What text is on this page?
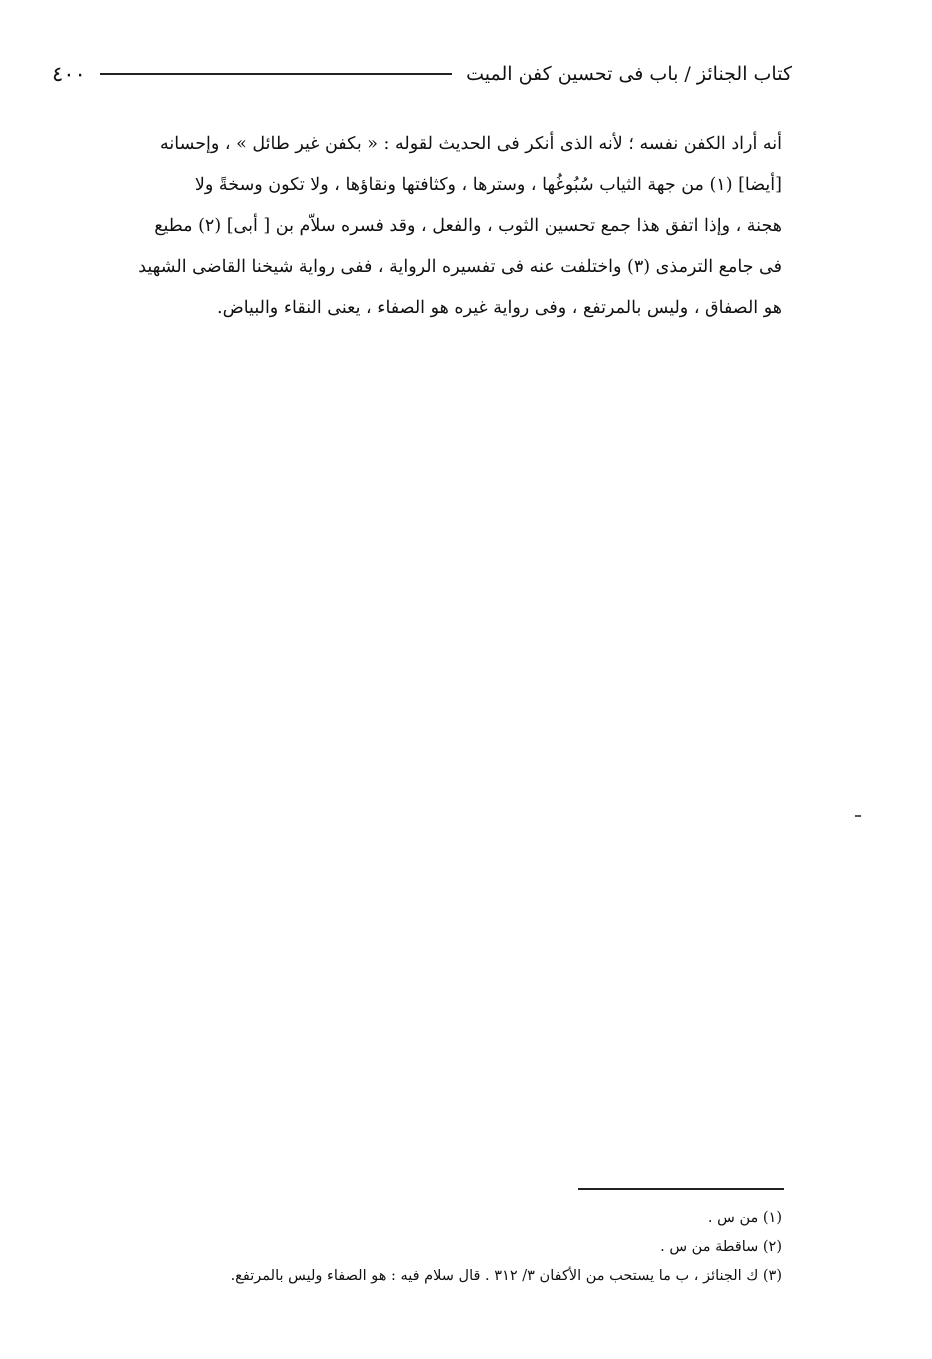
كتاب الجنائز / باب فى تحسين كفن الميت
٤٠٠
أنه أراد الكفن نفسه ؛ لأنه الذى أنكر فى الحديث لقوله : « بكفن غير طائل » ، وإحسانه
[أيضا] (١) من جهة الثياب سُبُوغُها ، وسترها ، وكثافتها ونقاؤها ، ولا تكون وسخةً ولا
هجنة ، وإذا اتفق هذا جمع تحسين الثوب ، والفعل ، وقد فسره سلاّم بن [ أبى] (٢) مطيع
فى جامع الترمذى (٣) واختلفت عنه فى تفسيره الرواية ، ففى رواية شيخنا القاضى الشهيد
هو الصفاق ، وليس بالمرتفع ، وفى رواية غيره هو الصفاء ، يعنى النقاء والبياض.
(١) من س .
(٢) ساقطة من س .
(٣) ك الجنائز ، ب ما يستحب من الأكفان ٣/ ٣١٢ . قال سلام فيه : هو الصفاء وليس بالمرتفع.
